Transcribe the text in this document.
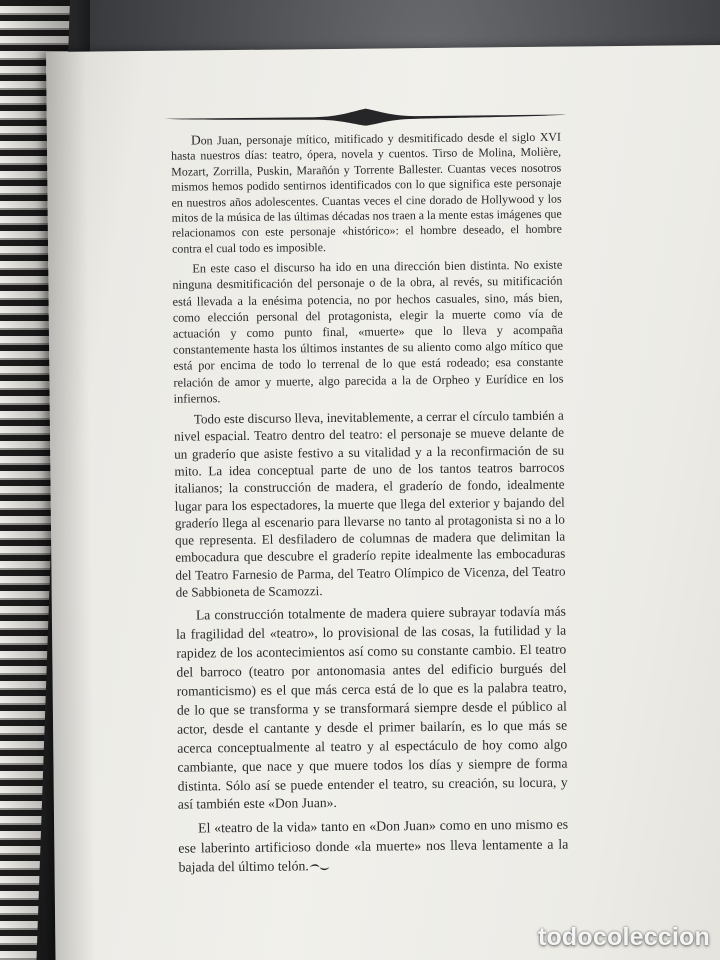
Don Juan, personaje mítico, mitificado y desmitificado desde el siglo XVI hasta nuestros días: teatro, ópera, novela y cuentos. Tirso de Molina, Molière, Mozart, Zorrilla, Puskin, Marañón y Torrente Ballester. Cuantas veces nosotros mismos hemos podido sentirnos identificados con lo que significa este personaje en nuestros años adolescentes. Cuantas veces el cine dorado de Hollywood y los mitos de la música de las últimas décadas nos traen a la mente estas imágenes que relacionamos con este personaje «histórico»: el hombre deseado, el hombre contra el cual todo es imposible.

En este caso el discurso ha ido en una dirección bien distinta. No existe ninguna desmitificación del personaje o de la obra, al revés, su mitificación está llevada a la enésima potencia, no por hechos casuales, sino, más bien, como elección personal del protagonista, elegir la muerte como vía de actuación y como punto final, «muerte» que lo lleva y acompaña constantemente hasta los últimos instantes de su aliento como algo mítico que está por encima de todo lo terrenal de lo que está rodeado; esa constante relación de amor y muerte, algo parecida a la de Orpheo y Eurídice en los infiernos.

Todo este discurso lleva, inevitablemente, a cerrar el círculo también a nivel espacial. Teatro dentro del teatro: el personaje se mueve delante de un graderío que asiste festivo a su vitalidad y a la reconfirmación de su mito. La idea conceptual parte de uno de los tantos teatros barrocos italianos; la construcción de madera, el graderío de fondo, idealmente lugar para los espectadores, la muerte que llega del exterior y bajando del graderío llega al escenario para llevarse no tanto al protagonista si no a lo que representa. El desfiladero de columnas de madera que delimitan la embocadura que descubre el graderío repite idealmente las embocaduras del Teatro Farnesio de Parma, del Teatro Olímpico de Vicenza, del Teatro de Sabbioneta de Scamozzi.

La construcción totalmente de madera quiere subrayar todavía más la fragilidad del «teatro», lo provisional de las cosas, la futilidad y la rapidez de los acontecimientos así como su constante cambio. El teatro del barroco (teatro por antonomasia antes del edificio burgués del romanticismo) es el que más cerca está de lo que es la palabra teatro, de lo que se transforma y se transformará siempre desde el público al actor, desde el cantante y desde el primer bailarín, es lo que más se acerca conceptualmente al teatro y al espectáculo de hoy como algo cambiante, que nace y que muere todos los días y siempre de forma distinta. Sólo así se puede entender el teatro, su creación, su locura, y así también este «Don Juan».

El «teatro de la vida» tanto en «Don Juan» como en uno mismo es ese laberinto artificioso donde «la muerte» nos lleva lentamente a la bajada del último telón.

todocoleccion
